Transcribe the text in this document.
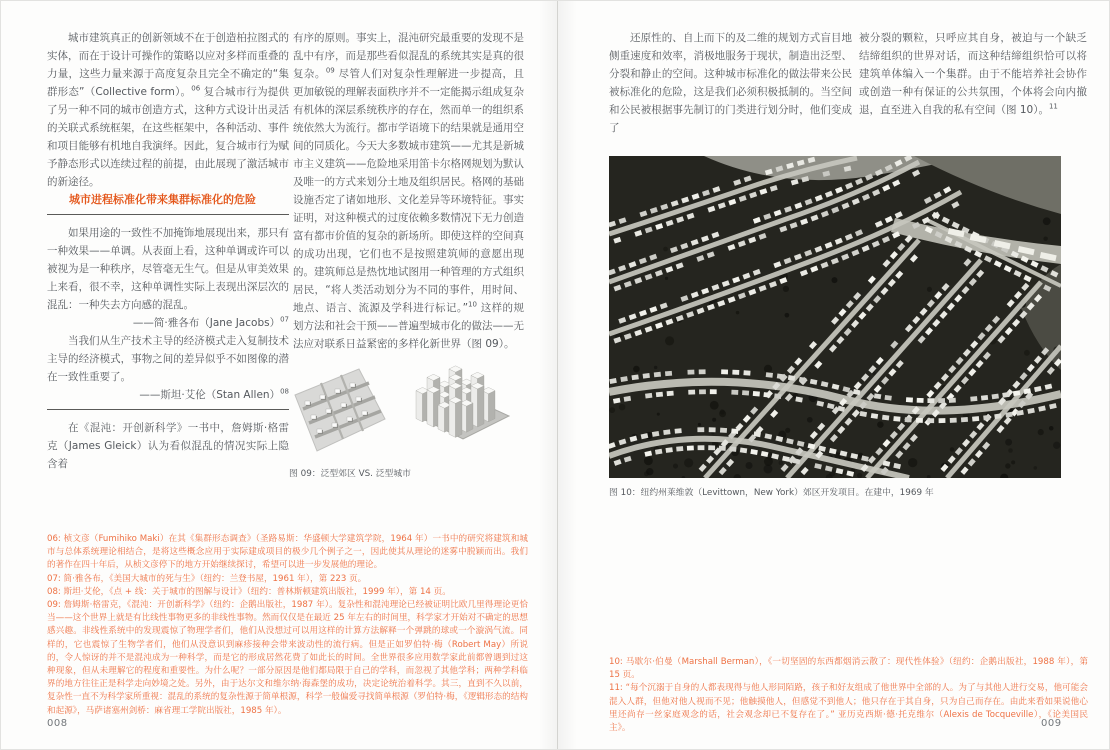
城市建筑真正的创新领域不在于创造柏拉图式的实体，而在于设计可操作的策略以应对多样而重叠的力量，这些力量来源于高度复杂且完全不确定的“集群形态”（Collective form）。$^{06}$ 复合城市行为提供了另一种不同的城市创造方式，这种方式设计出灵活的关联式系统框架，在这些框架中，各种活动、事件和项目能够有机地自我演绎。因此，复合城市行为赋予静态形式以连续过程的前提，由此展现了激活城市的新途径。

城市进程标准化带来集群标准化的危险

如果用途的一致性不加掩饰地展现出来，那只有一种效果——单调。从表面上看，这种单调或许可以被视为是一种秩序，尽管毫无生气。但是从审美效果上来看，很不幸，这种单调性实际上表现出深层次的混乱：一种失去方向感的混乱。

——简·雅各布（Jane Jacobs）$^{07}$

当我们从生产技术主导的经济模式走入复制技术主导的经济模式，事物之间的差异似乎不如图像的潜在一致性重要了。

——斯坦·艾伦（Stan Allen）$^{08}$

在《混沌：开创新科学》一书中，詹姆斯·格雷克（James Gleick）认为看似混乱的情况实际上隐含着

有序的原则。事实上，混沌研究最重要的发现不是乱中有序，而是那些看似混乱的系统其实是真的很复杂。$^{09}$ 尽管人们对复杂性理解进一步提高，且更加敏锐的理解表面秩序并不一定能揭示组成复杂有机体的深层系统秩序的存在，然而单一的组织系统依然大为流行。都市学语境下的结果就是通用空间的同质化。今天大多数城市建筑——尤其是新城市主义建筑——危险地采用笛卡尔格网规划为默认及唯一的方式来划分土地及组织居民。格网的基础设施否定了诸如地形、文化差异等环境特征。事实证明，对这种模式的过度依赖多数情况下无力创造富有都市价值的复杂的新场所。即使这样的空间真的成功出现，它们也不是按照建筑师的意愿出现的。建筑师总是热忱地试图用一种管理的方式组织居民，“将人类活动划分为不同的事件，用时间、地点、语言、流源及学科进行标记。”$^{10}$ 这样的规划方法和社会干预——普遍型城市化的做法——无法应对联系日益紧密的多样化新世界（图 09）。

图 09：泛型郊区 VS. 泛型城市

06: 桢文彦（Fumihiko Maki）在其《集群形态调查》（圣路易斯：华盛顿大学建筑学院，1964 年）一书中的研究将建筑和城市与总体系统理论相结合，是将这些概念应用于实际建成项目的极少几个例子之一，因此使其从理论的迷雾中脱颖而出。我们的著作在四十年后，从桢文彦停下的地方开始继续探讨，希望可以进一步发展他的理论。

07: 简·雅各布，《美国大城市的死与生》（纽约：兰登书屋，1961 年），第 223 页。

08: 斯坦·艾伦，《点 + 线：关于城市的图解与设计》（纽约：普林斯顿建筑出版社，1999 年），第 14 页。

09: 詹姆斯·格雷克，《混沌：开创新科学》（纽约：企鹅出版社，1987 年）。复杂性和混沌理论已经被证明比欧几里得理论更恰当——这个世界上就是有比线性事物更多的非线性事物。然而仅仅是在最近 25 年左右的时间里，科学家才开始对不确定的思想感兴趣。非线性系统中的发现震惊了物理学者们，他们从没想过可以用这样的计算方法解释一个弹跳的球或一个漩涡气流。同样的，它也震惊了生物学者们，他们从没意识到麻疹接种会带来波动性的流行病。但是正如罗伯特·梅（Robert May）所说的，令人惊讶的并不是混沌成为一种科学，而是它的形成居然花费了如此长的时间。全世界很多应用数学家此前都曾遇到过这种现象，但从未理解它的程度和重要性。为什么呢？一部分原因是他们都局限于自己的学科，而忽视了其他学科；两种学科临界的地方往往正是科学走向妙境之处。另外，由于达尔文和维尔纳·海森堡的成功，决定论统治着科学。其三，直到不久以前，复杂性一直不为科学家所重视：混乱的系统的复杂性源于简单根源，科学一般偏爱寻找简单根源（罗伯特·梅，《逻辑形态的结构和起源》，马萨诸塞州剑桥：麻省理工学院出版社，1985 年）。

008

还原性的、自上而下的及二维的规划方式盲目地侧重速度和效率，消极地服务于现状，制造出泛型、分裂和静止的空间。这种城市标准化的做法带来公民被标准化的危险，这是我们必须积极抵制的。当空间和公民被根据事先制订的门类进行划分时，他们变成了

被分裂的颗粒，只呼应其自身，被迫与一个缺乏结缔组织的世界对话，而这种结缔组织恰可以将建筑单体编入一个集群。由于不能培养社会协作或创造一种有保证的公共氛围，个体将会向内撤退，直至进入自我的私有空间（图 10）。$^{11}$

图 10：纽约州莱维敦（Levittown，New York）郊区开发项目。在建中，1969 年

10: 马歇尔·伯曼（Marshall Berman），《一切坚固的东西都烟消云散了：现代性体验》（纽约：企鹅出版社，1988 年），第 15 页。

11: “每个沉溺于自身的人都表现得与他人形同陌路，孩子和好友组成了他世界中全部的人。为了与其他人进行交易，他可能会混入人群，但他对他人视而不见；他触摸他人，但感觉不到他人；他只存在于其自身，只为自己而存在。由此来看如果说他心里还尚存一丝家庭观念的话，社会观念却已不复存在了。” 亚历克西斯·德·托克维尔（Alexis de Tocqueville），《论美国民主》。	009
